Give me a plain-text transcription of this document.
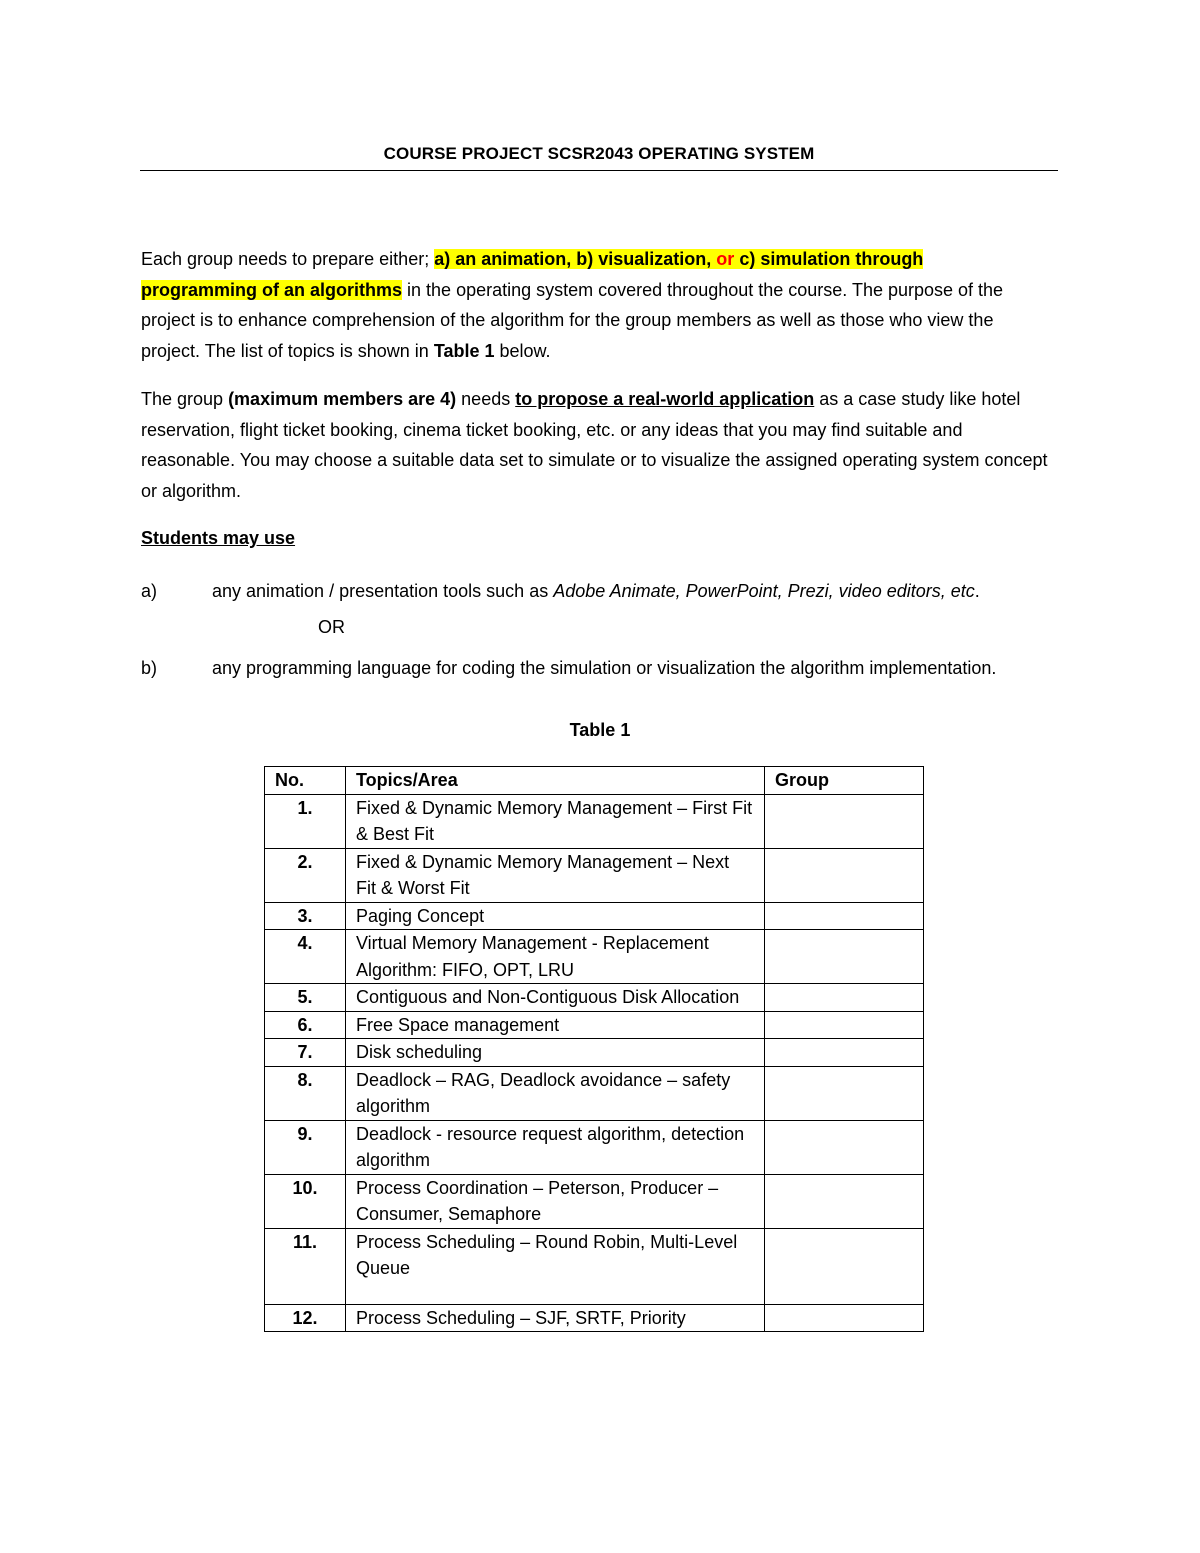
COURSE PROJECT SCSR2043 OPERATING SYSTEM
Each group needs to prepare either; a) an animation, b) visualization, or c) simulation through
programming of an algorithms in the operating system covered throughout the course. The purpose of the project is to enhance comprehension of the algorithm for the group members as well as those who view the project. The list of topics is shown in Table 1 below.
The group (maximum members are 4) needs to propose a real-world application as a case study like hotel reservation, flight ticket booking, cinema ticket booking, etc. or any ideas that you may find suitable and reasonable. You may choose a suitable data set to simulate or to visualize the assigned operating system concept or algorithm.
Students may use
a)	any animation / presentation tools such as Adobe Animate, PowerPoint, Prezi, video editors, etc.
OR
b)	any programming language for coding the simulation or visualization the algorithm implementation.
Table 1
No.	Topics/Area	Group
1.	Fixed & Dynamic Memory Management – First Fit & Best Fit	
2.	Fixed & Dynamic Memory Management – Next Fit & Worst Fit	
3.	Paging Concept	
4.	Virtual Memory Management - Replacement Algorithm: FIFO, OPT, LRU	
5.	Contiguous and Non-Contiguous Disk Allocation	
6.	Free Space management	
7.	Disk scheduling	
8.	Deadlock – RAG, Deadlock avoidance – safety algorithm	
9.	Deadlock - resource request algorithm, detection algorithm	
10.	Process Coordination – Peterson, Producer – Consumer, Semaphore	
11.	Process Scheduling – Round Robin, Multi-Level Queue	
12.	Process Scheduling – SJF, SRTF, Priority	
